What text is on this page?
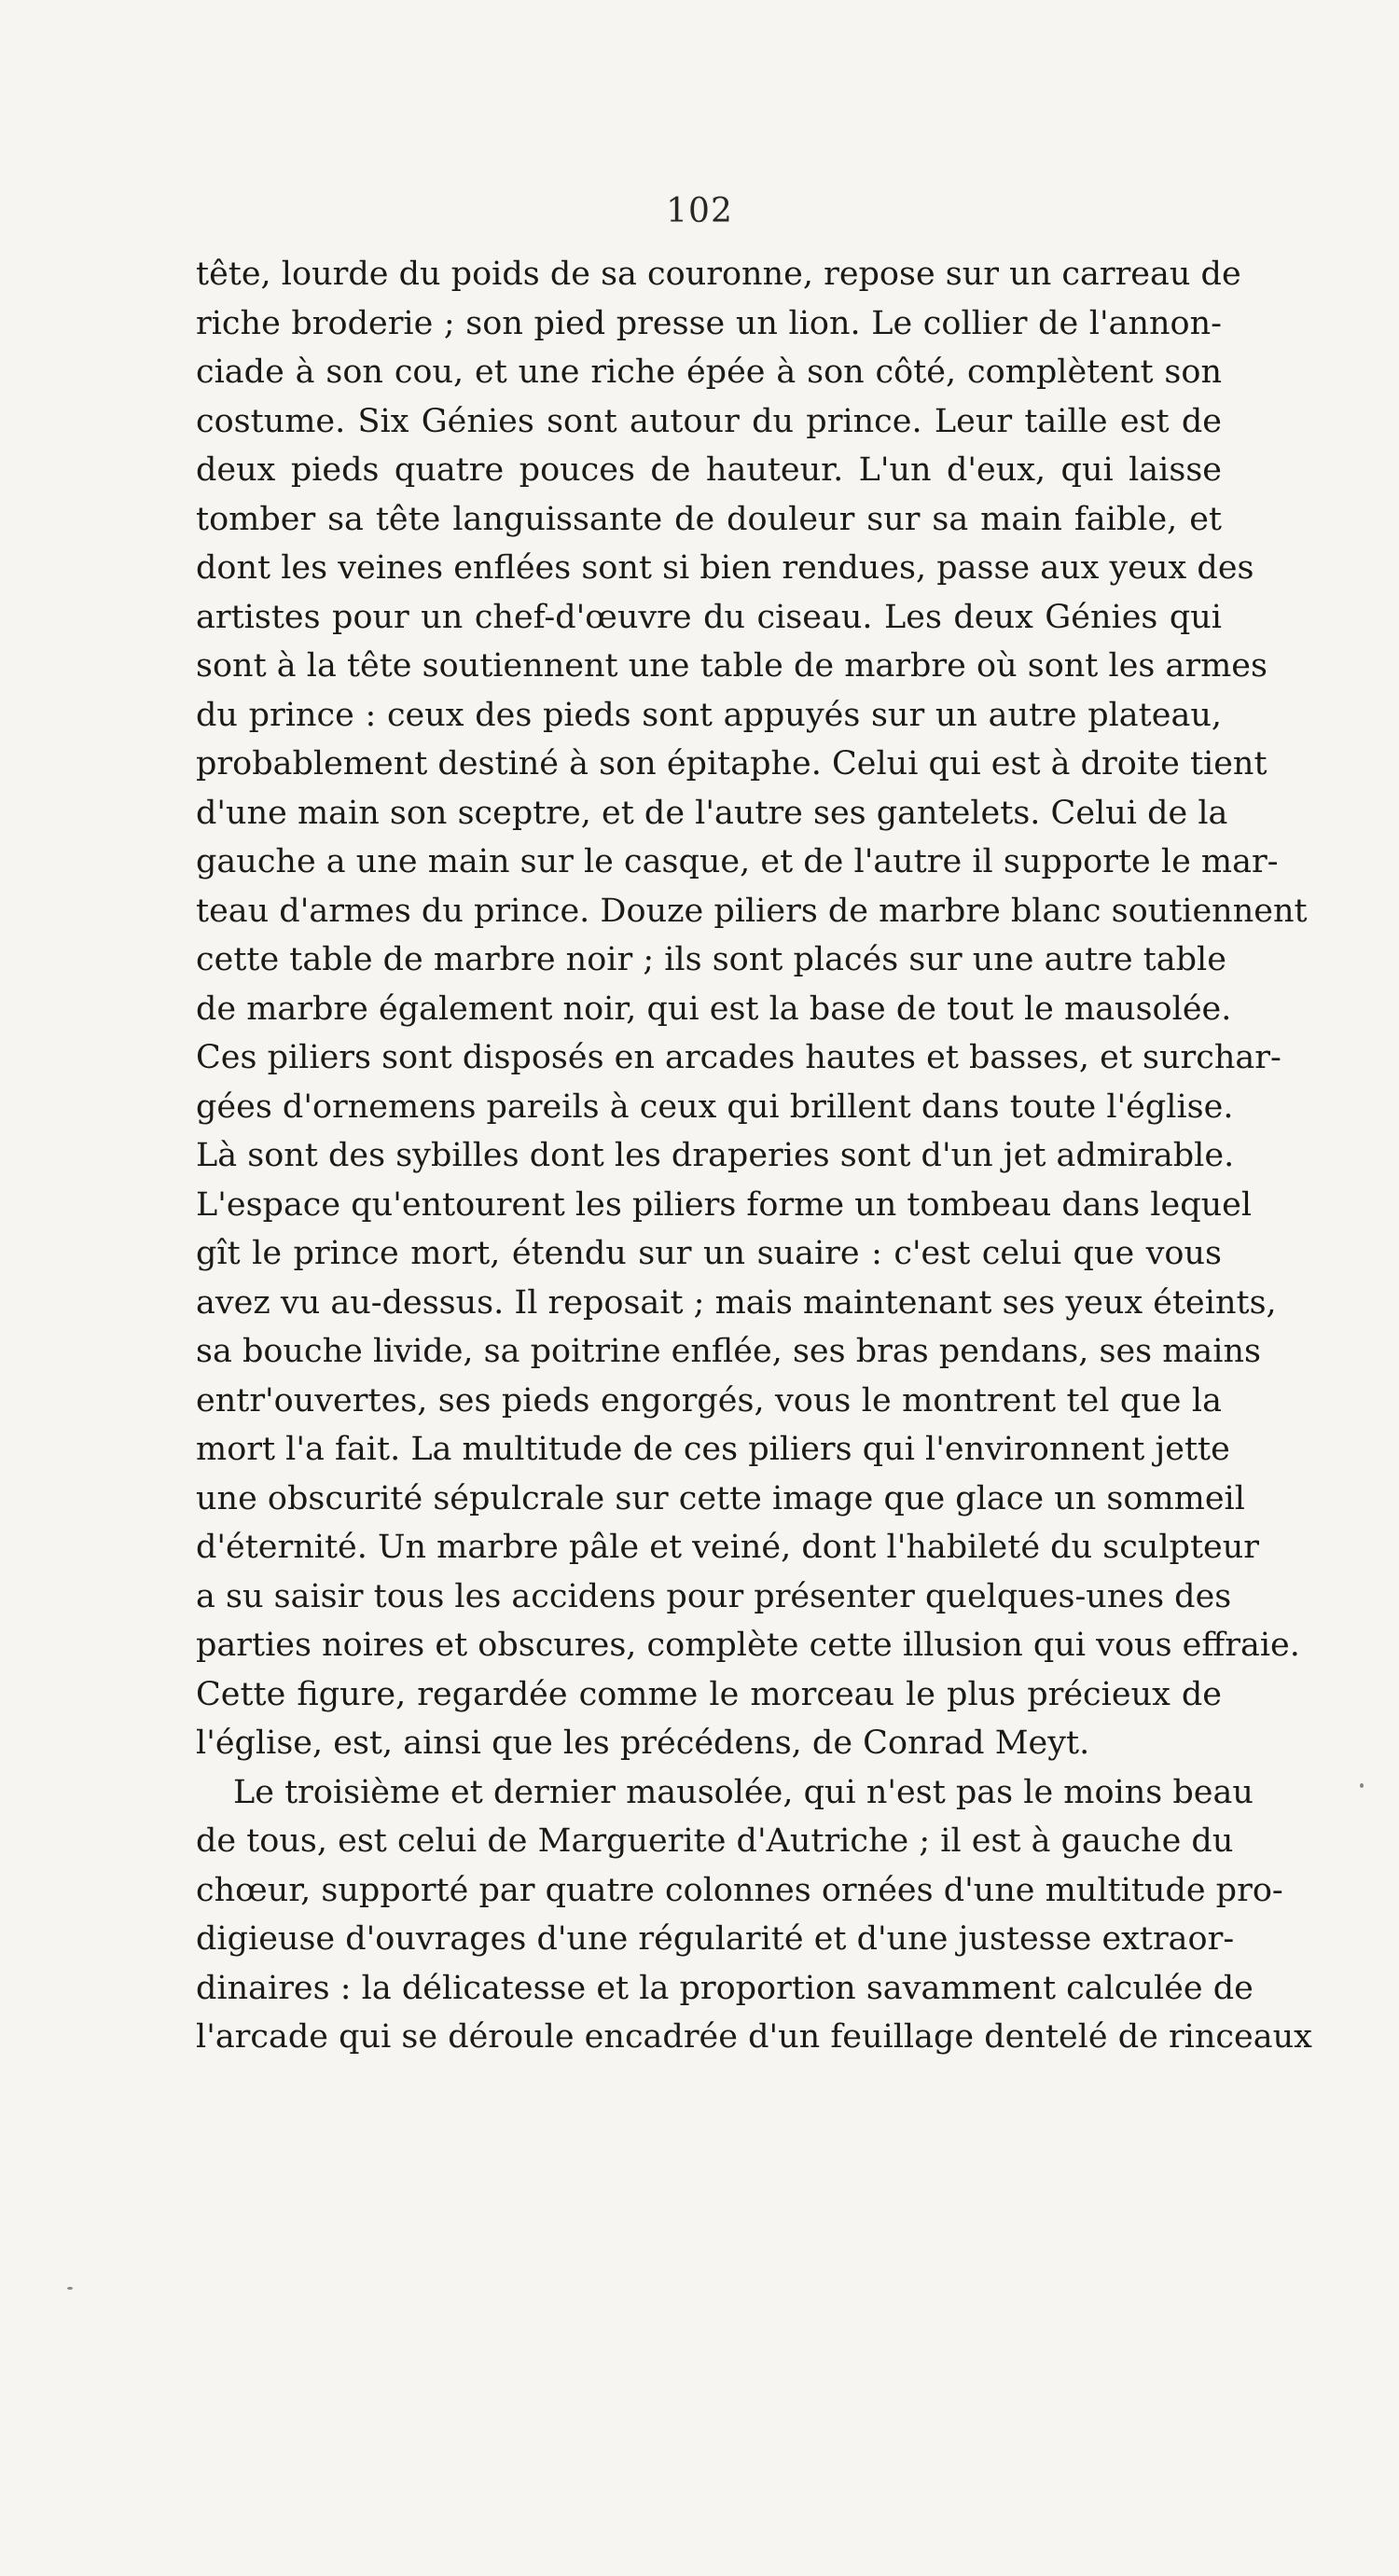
102
tête, lourde du poids de sa couronne, repose sur un carreau de
riche broderie ; son pied presse un lion. Le collier de l'annon-
ciade à son cou, et une riche épée à son côté, complètent son
costume. Six Génies sont autour du prince. Leur taille est de
deux pieds quatre pouces de hauteur. L'un d'eux, qui laisse
tomber sa tête languissante de douleur sur sa main faible, et
dont les veines enflées sont si bien rendues, passe aux yeux des
artistes pour un chef-d'œuvre du ciseau. Les deux Génies qui
sont à la tête soutiennent une table de marbre où sont les armes
du prince : ceux des pieds sont appuyés sur un autre plateau,
probablement destiné à son épitaphe. Celui qui est à droite tient
d'une main son sceptre, et de l'autre ses gantelets. Celui de la
gauche a une main sur le casque, et de l'autre il supporte le mar-
teau d'armes du prince. Douze piliers de marbre blanc soutiennent
cette table de marbre noir ; ils sont placés sur une autre table
de marbre également noir, qui est la base de tout le mausolée.
Ces piliers sont disposés en arcades hautes et basses, et surchar-
gées d'ornemens pareils à ceux qui brillent dans toute l'église.
Là sont des sybilles dont les draperies sont d'un jet admirable.
L'espace qu'entourent les piliers forme un tombeau dans lequel
gît le prince mort, étendu sur un suaire : c'est celui que vous
avez vu au-dessus. Il reposait ; mais maintenant ses yeux éteints,
sa bouche livide, sa poitrine enflée, ses bras pendans, ses mains
entr'ouvertes, ses pieds engorgés, vous le montrent tel que la
mort l'a fait. La multitude de ces piliers qui l'environnent jette
une obscurité sépulcrale sur cette image que glace un sommeil
d'éternité. Un marbre pâle et veiné, dont l'habileté du sculpteur
a su saisir tous les accidens pour présenter quelques-unes des
parties noires et obscures, complète cette illusion qui vous effraie.
Cette figure, regardée comme le morceau le plus précieux de
l'église, est, ainsi que les précédens, de Conrad Meyt.
Le troisième et dernier mausolée, qui n'est pas le moins beau
de tous, est celui de Marguerite d'Autriche ; il est à gauche du
chœur, supporté par quatre colonnes ornées d'une multitude pro-
digieuse d'ouvrages d'une régularité et d'une justesse extraor-
dinaires : la délicatesse et la proportion savamment calculée de
l'arcade qui se déroule encadrée d'un feuillage dentelé de rinceaux
